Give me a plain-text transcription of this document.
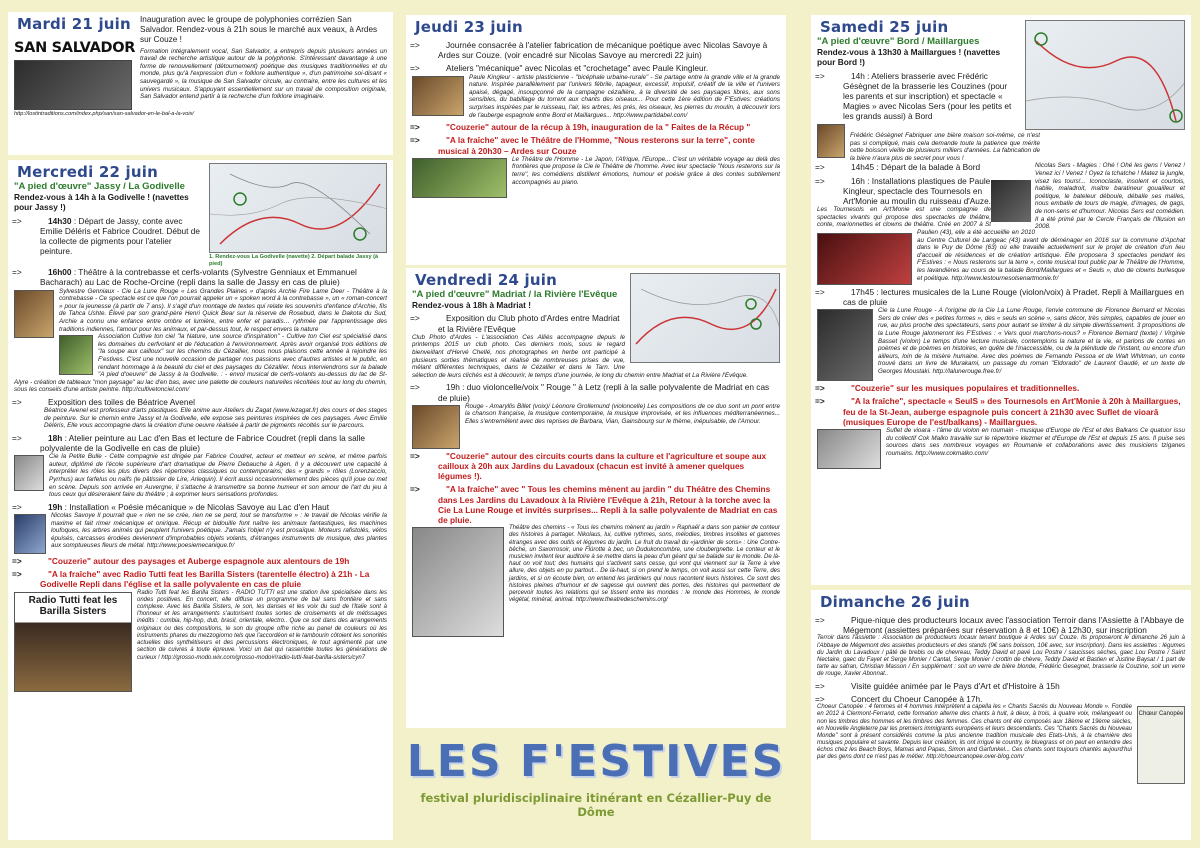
Mardi 21 juin
SAN SALVADOR
Inauguration avec le groupe de polyphonies corrézien San Salvador. Rendez-vous à 21h sous le marché aux veaux, à Ardes sur Couze !
Formation intégralement vocal, San Salvador, a entrepris depuis plusieurs années un travail de recherche artistique autour de la polyphonie. S'intéressant davantage à une forme de renouvellement (détournement) poétique des musiques traditionnelles et du monde, plus qu'à l'expression d'un « folklore authentique », d'un patrimoine soi-disant « sauvegardé », la musique de San Salvador circule, au contraire, entre les cultures et les univers musicaux. S'appuyant essentiellement sur un travail de composition originale, San Salvador entend partir à la recherche d'un folklore imaginaire.
http://lostintraditions.com/index.php/san/san-salvador-en-le-bal-a-la-voix/
1. Rendez-vous La Godivelle (navette) 2. Départ balade Jassy (à pied)
Mercredi 22 juin
"A pied d'œuvre" Jassy / La Godivelle
Rendez-vous à 14h à la Godivelle ! (navettes pour Jassy !)
=>	14h30 : Départ de Jassy, conte avec Emilie Déléris et Fabrice Coudret. Début de la collecte de pigments pour l'atelier peinture.
=>	16h00 : Théâtre à la contrebasse et cerfs-volants (Sylvestre Genniaux et Emmanuel Bacharach) au Lac de Roche-Orcine (repli dans la salle de Jassy en cas de pluie)
Sylvestre Genniaux - Cie La Lune Rouge « Les Grandes Plaines » d'après Archie Fire Lame Deer - Théâtre à la contrebasse - Ce spectacle est ce que l'on pourrait appeler un « spoken word à la contrebasse », un « roman-concert » pour la jeunesse (à partir de 7 ans). Il s'agit d'un montage de textes qui relate les souvenirs d'enfance d'Archie, fils de Tahca Ushte. Élevé par son grand-père Henri Quick Bear sur la réserve de Rosebud, dans le Dakota du Sud, Archie a connu une enfance entre ombre et lumière, entre enfer et paradis… rythmée par l'apprentissage des traditions indiennes, l'amour pour les animaux, et par-dessus tout, le respect envers la nature
Association Cultive ton ciel "la Nature, une source d'inspiration" - Cultive ton Ciel est spécialisé dans les domaines du cerfvolant et de l'éducation à l'environnement. Après avoir organisé trois éditions de "la soupe aux cailloux" sur les chemins du Cézallier, nous nous plaisons cette année à rejoindre les F'estives. C'est une nouvelle occasion de partager nos passions avec d'autres artistes et le public, en rendant hommage à la beauté du ciel et des paysages du Cézallier. Nous interviendrons sur la balade "A pied d'oeuvre" de Jassy à la Godivelle. : - envol musical de cerfs-volants au-dessus du lac de St-Alyre - création de tableaux "mon paysage" au lac d'en bas, avec une palette de couleurs naturelles récoltées tout au long du chemin, sous les conseils d'une artiste peintre. http://cultivetonciel.com/
=>	Exposition des toiles de Béatrice Avenel
Béatrice Avenel est professeur d'arts plastiques. Elle anime aux Ateliers du Zagat (www.lezagat.fr) des cours et des stages de peinture. Sur le chemin entre Jassy et la Godivelle, elle expose ses peintures inspirées de ces paysages. Avec Emilie Déléris, Elle vous accompagne dans la création d'une oeuvre réalisée à partir de pigments récoltés sur le parcours.
=>	18h : Atelier peinture au Lac d'en Bas et lecture de Fabrice Coudret (repli dans la salle polyvalente de la Godivelle en cas de pluie)
Cie la Petite Bulle - Cette compagnie est dirigée par Fabrice Coudret, acteur et metteur en scène, et même parfois auteur, diplômé de l'école supérieure d'art dramatique de Pierre Debauche à Agen. Il y a découvert une capacité à interpréter les rôles les plus divers des répertoires classiques ou contemporains; des « grands » rôles (Lorenzaccio, Pyrrhus) aux farfelus ou naïfs (le pâtissier de Lire, Arlequin). Il écrit aussi occasionnellement des pièces qu'il joue ou met en scène. Depuis son arrivée en Auvergne, il s'attache à transmettre sa bonne humeur et son amour de l'art du jeu à tous ceux qui désireraient faire du théâtre ; à exprimer leurs sensations profondes.
=>	19h : Installation « Poésie mécanique » de Nicolas Savoye au Lac d'en Haut
Nicolas Savoye Il pourrait que « rien ne se crée, rien ne se perd, tout se transforme » : le travail de Nicolas vérifie la maxime et fait rimer mécanique et onirique. Récup et bidouille font naître les animaux fantastiques, les machines loufoques, les arbres animés qui peuplent l'univers poétique. J'amais l'objet n'y est prosaïque. Moteurs rafistolés, vélos épuisés, carcasses érodées deviennent d'improbables objets volants, d'étranges instruments de musique, des plantes aux somptueuses fleurs de métal. http://www.poesiemecanique.fr/
=>	"Couzerie" autour des paysages et Auberge espagnole aux alentours de 19h
=>	"A la fraîche" avec Radio Tutti feat les Barilla Sisters (tarentelle électro) à 21h - La Godivelle Repli dans l'église et la salle polyvalente en cas de pluie
Radio Tutti feat les Barilla Sisters
Radio Tutti feat les Barilla Sisters - RADIO TUTTI est une station live spécialisée dans les ondes positives. En concert, elle diffuse un programme de bal sans frontière et sans complexe. Avec les Barilla Sisters, le son, les danses et les voix du sud de l'Italie sont à l'honneur et les arrangements s'autorisent toutes sortes de croisements et de métissages inédits : cumbia, hip-hop, dub, brasil, orientale, electro.. Que ce soit dans des arrangements originaux ou des compositions, le son du groupe offre riche au panel de couleurs où les instruments phares du mezzogiorno tels que l'accordéon et le tambourin côtoient les sonorités actuelles des synthétiseurs et des percussions électroniques, le tout agrémenté par une section de cuivres à toute épreuve. Voici un bal qui rassemble toutes les générations de curieux ! http://grosso-modo.wix.com/grosso-modo#!radio-tutti-feat-barilla-sisters/cyn7
Jeudi 23 juin
=>	Journée consacrée à l'atelier fabrication de mécanique poétique avec Nicolas Savoye à Ardes sur Couze. (voir encadré sur Nicolas Savoye au mercredi 22 juin)
=>	Ateliers "mécanique" avec Nicolas et "crochetage" avec Paule Kingleur.
Paule Kingleur - artiste plasticienne - "bicéphale urbaine-rurale" - Se partage entre la grande ville et la grande nature. Inspirée parallèlement par l'univers fébrile, tapageur, excessif, impulsif, créatif de la ville et l'univers apaisé, dégagé, insoupçonné de la campagne cézallière, à la diversité de ses paysages libres, aux sons sensibles, du babillage du torrent aux chants des oiseaux... Pour cette 1ère édition de F'Estives: créations surprises inspirées par le ruisseau, l'air, les arbres, les prés, les oiseaux, les pierres du moulin, à découvrir lors de l'auberge espagnole entre Bord et Maillargues... http://www.partidabel.com/
=>	"Couzerie" autour de la récup à 19h, inauguration de la " Faites de la Récup "
=>	"A la fraîche" avec le Théâtre de l'Homme, "Nous resterons sur la terre", conte musical à 20h30 – Ardes sur Couze
Le Théâtre de l'Homme - Le Japon, l'Afrique, l'Europe... C'est un véritable voyage au delà des frontières que propose la Cie le Théâtre de l'homme. Avec leur spectacle "Nous resterons sur la terre", les comédiens distillent émotions, humour et poésie grâce à des contes subtilement accompagnés au piano.
Vendredi 24 juin
"A pied d'œuvre" Madriat / la Rivière l'Evêque
Rendez-vous à 18h à Madriat !
=>	Exposition du Club photo d'Ardes entre Madriat et la Rivière l'Evêque
Club Photo d'Ardes - L'association Ces Alliés accompagne depuis le printemps 2015 un club photo. Ces derniers mois, sous le regard bienveillant d'Hervé Chellé, nos photographes en herbe ont participé à plusieurs sorties thématiques et réalisé de nombreuses prises de vue, mêlant différentes techniques, dans le Cézallier et dans le Tarn. Une sélection de leurs clichés est à découvrir, le temps d'une journée, le long du chemin entre Madriat et La Rivière l'Evêque.
=>	19h : duo violoncelle/voix " Rouge " à Letz (repli à la salle polyvalente de Madriat en cas de pluie)
Rouge - Amaryllis Billet (voix)/ Léonore Grollemund (violoncelle) Les compositions de ce duo sont un pont entre la chanson française, la musique contemporaine, la musique improvisée, et les influences méditerranéennes... Elles s'entremêlent avec des reprises de Barbara, Vian, Gainsbourg sur le thème, inépuisable, de l'Amour.
=>	"Couzerie" autour des circuits courts dans la culture et l'agriculture et soupe aux cailloux à 20h aux Jardins du Lavadoux (chacun est invité à amener quelques légumes !).
=>	"A la fraîche" avec " Tous les chemins mènent au jardin " du Théâtre des Chemins dans Les Jardins du Lavadoux à la Rivière l'Evêque à 21h, Retour à la torche avec la Cie La Lune Rouge et invités surprises... Repli à la salle polyvalente de Madriat en cas de pluie.
Théâtre des chemins - « Tous les chemins mènent au jardin » Raphaël a dans son panier de conteur des histoires à partager. Nikolaus, lui, cultive rythmes, sons, mélodies, timbres insolites et gammes étranges avec des outils et légumes du jardin. Le fruit du travail du «jardinier de sons» : Une Contre-bêche, un Saxorrosoir, une Flûrotte à bec, un Dudukoncombre, une cloubergnette. Le conteur et le musicien invitent leur auditoire à se mettre dans la peau d'un géant qui se balade sur le monde. De là-haut on voit tout; des humains qui s'activent sans cesse, qui vont qui viennent sur la Terre à vive allure, des objets en pu partout... De là-haut, si on prend le temps, on voit aussi sur cette Terre, des jardins, et si on écoute bien, on entend les jardiniers qui nous racontent leurs histoires. Ce sont des histoires pleines d'humour et de sagesse qui ouvrent des portes, des histoires qui permettent de percevoir toutes les relations qui se tissent entre les mondes : le monde des Hommes, le monde végétal, minéral, animal. http://www.theatredeschemins.org/
LES F'ESTIVES
festival pluridisciplinaire itinérant en Cézallier-Puy de Dôme
Samedi 25 juin
"A pied d'œuvre" Bord / Maillargues
Rendez-vous à 13h30 à Maillargues ! (navettes pour Bord !)
=>	14h : Ateliers brasserie avec Frédéric Gésègnet de la brasserie les Couzines (pour les parents et sur inscription) et spectacle « Magies » avec Nicolas Sers (pour les petits et les grands aussi) à Bord
Frédéric Gésègnet Fabriquer une bière maison soi-même, ce n'est pas si compliqué, mais cela demande toute la patience que mérite cette boisson vieille de plusieurs milliers d'années. La fabrication de la bière n'aura plus de secret pour vous !
Nicolas Sers - Magies : Ohé ! Ohé les gens ! Venez ! Venez ici ! Venez ! Oyez la tchatche ! Matez la jungle, visez les tours!... Iconoclaste, insolent et courtois, habile, maladroit, maître baratineur gouailleur et poétique, le bateleur déboule, déballe ses malles, nous emballe de tours de magie, d'images, de gags, de non-sens et d'humour. Nicolas Sers est comédien. Il a été primé par le Cercle Français de l'Illusion en 2008.
=>	14h45 : Départ de la balade à Bord
=>	16h : Installations plastiques de Paule Kingleur, spectacle des Tournesols en Art'Monie au moulin du ruisseau d'Auze.
Les Tournesols en Art'Monie est une compagnie de spectacles vivants qui propose des spectacles de théâtre, conte, marionnettes et clowns de théâtre. Créé en 2007 à St Paulien (43), elle a été accueillie en 2010 au Centre Culturel de Langeac (43) avant de déménager en 2016 sur la commune d'Apchat dans le Puy de Dôme (63) où elle travaille actuellement sur le projet de création d'un lieu d'accueil de résidences et de création artistique. Elle proposera 3 spectacles pendant les F'Estives : « Nous resterons sur la terre », conte musical tout public par le Théâtre de l'Homme, les lavandières au cours de la balade Bord/Maillargues et « Seuls », duo de clowns burlesque et poétique. http://www.lestournesolsenartmonie.fr/
=>	17h45 : lectures musicales de la Lune Rouge (violon/voix) à Pradet. Repli à Maillargues en cas de pluie
Cie la Lune Rouge - A l'origine de la Cie La Lune Rouge, l'envie commune de Florence Bernard et Nicolas Sers de créer des « petites formes », des « seuls en scène », sans décor, très simples, capables de jouer en rue, au plus proche des spectateurs, sans pour autant se limiter à du simple divertissement. 3 propositions de la Lune Rouge jalonneront les F'Estives : « Vers quoi marchons-nous? » Florence Bernard (texte) / Virginie Basset (violon) Le temps d'une lecture musicale, contemplons la nature et la vie, et parlons de contes en poèmes et de poèmes en histoires, en quête de l'inaccessible, ou de la plénitude de l'instant, ou encore d'un ailleurs, loin de la misère humaine. Avec des poèmes de Fernando Pessoa et de Walt Whitman, un conte trouvé dans un livre de Murakami, un passage du roman "Eldorado" de Laurent Gaudé, et un texte de Georges Moustaki. http://lalunerouge.free.fr/
=>	"Couzerie" sur les musiques populaires et traditionnelles.
=>	"A la fraîche", spectacle « SeulS » des Tournesols en Art'Monie à 20h à Maillargues, feu de la St-Jean, auberge espagnole puis concert à 21h30 avec Suflet de vioară (musiques Europe de l'est/balkans) - Maillargues.
Suflet de vioara - l'âme du violon en roumain - musique d'Europe de l'Est et des Balkans Ce quatuor issu du collectif Cok Malko travaille sur le répertoire klezmer et d'Europe de l'Est et depuis 15 ans. Il puise ses sources dans ses nombreux voyages en Roumanie et collaborations avec des musiciens tziganes roumains. http://www.cokmalko.com/
Dimanche 26 juin
=>	Pique-nique des producteurs locaux avec l'association Terroir dans l'Assiette à l'Abbaye de Mégemont (assiettes préparées sur réservation à 8 et 10€) à 12h30, sur inscription
Terroir dans l'assiette : Association de producteurs locaux tenant boutique à Ardes sur Couze. Ils proposeront le dimanche 26 juin à l'Abbaye de Mégemont des assiettes producteurs et des stands (9€ sans boisson, 10€ avec, sur inscription). Dans les assiettes : légumes du Jardin du Lavadoux / pâté de brebis ou de chevreau, Teddy David et pavé Lou Postre / saucisses sèches, gaec Lou Postre / Saint Nectaire, gaec du Fayet et Serge Monier / Cantal, Serge Monier / crottin de chèvre, Teddy David et Bastien et Justine Baysat / 1 part de tarte au safran, Christian Masson / En supplément : soit un verre de bière blonde, Frédéric Gesegnet, brasserie la Couzine, soit un verre de rouge, Xavier Abonnat..
=>	Visite guidée animée par le Pays d'Art et d'Histoire à 15h
=>	Concert du Choeur Canopée à 17h.
Chœur Canopée
Choeur Canopée : 4 femmes et 4 hommes interprètent a capella les « Chants Sacrés du Nouveau Monde ». Fondée en 2012 à Clermont-Ferrand, cette formation alterne des chants à huit, à deux, à trois, à quatre voix, mélangeant ou non les timbres des hommes et les timbres des femmes. Ces chants ont été composés aux 18ème et 19ème siècles, en Nouvelle Angleterre par les premiers immigrants européens et leurs descendants. Ces "Chants Sacrés du Nouveau Monde" sont à présent considérés comme la plus ancienne tradition musicale des Etats-Unis, à la charnière des musiques populaire et savante. Depuis leur création, ils ont irrigué le country, le bluegrass et on peut en entendre des échos chez les Beach Boys, Mamas and Papas, Simon and Garfunkel... Ces chants sont toujours chantés aujourd'hui par des gens dont ce n'est pas le métier. http://choeurcanopee.over-blog.com/
